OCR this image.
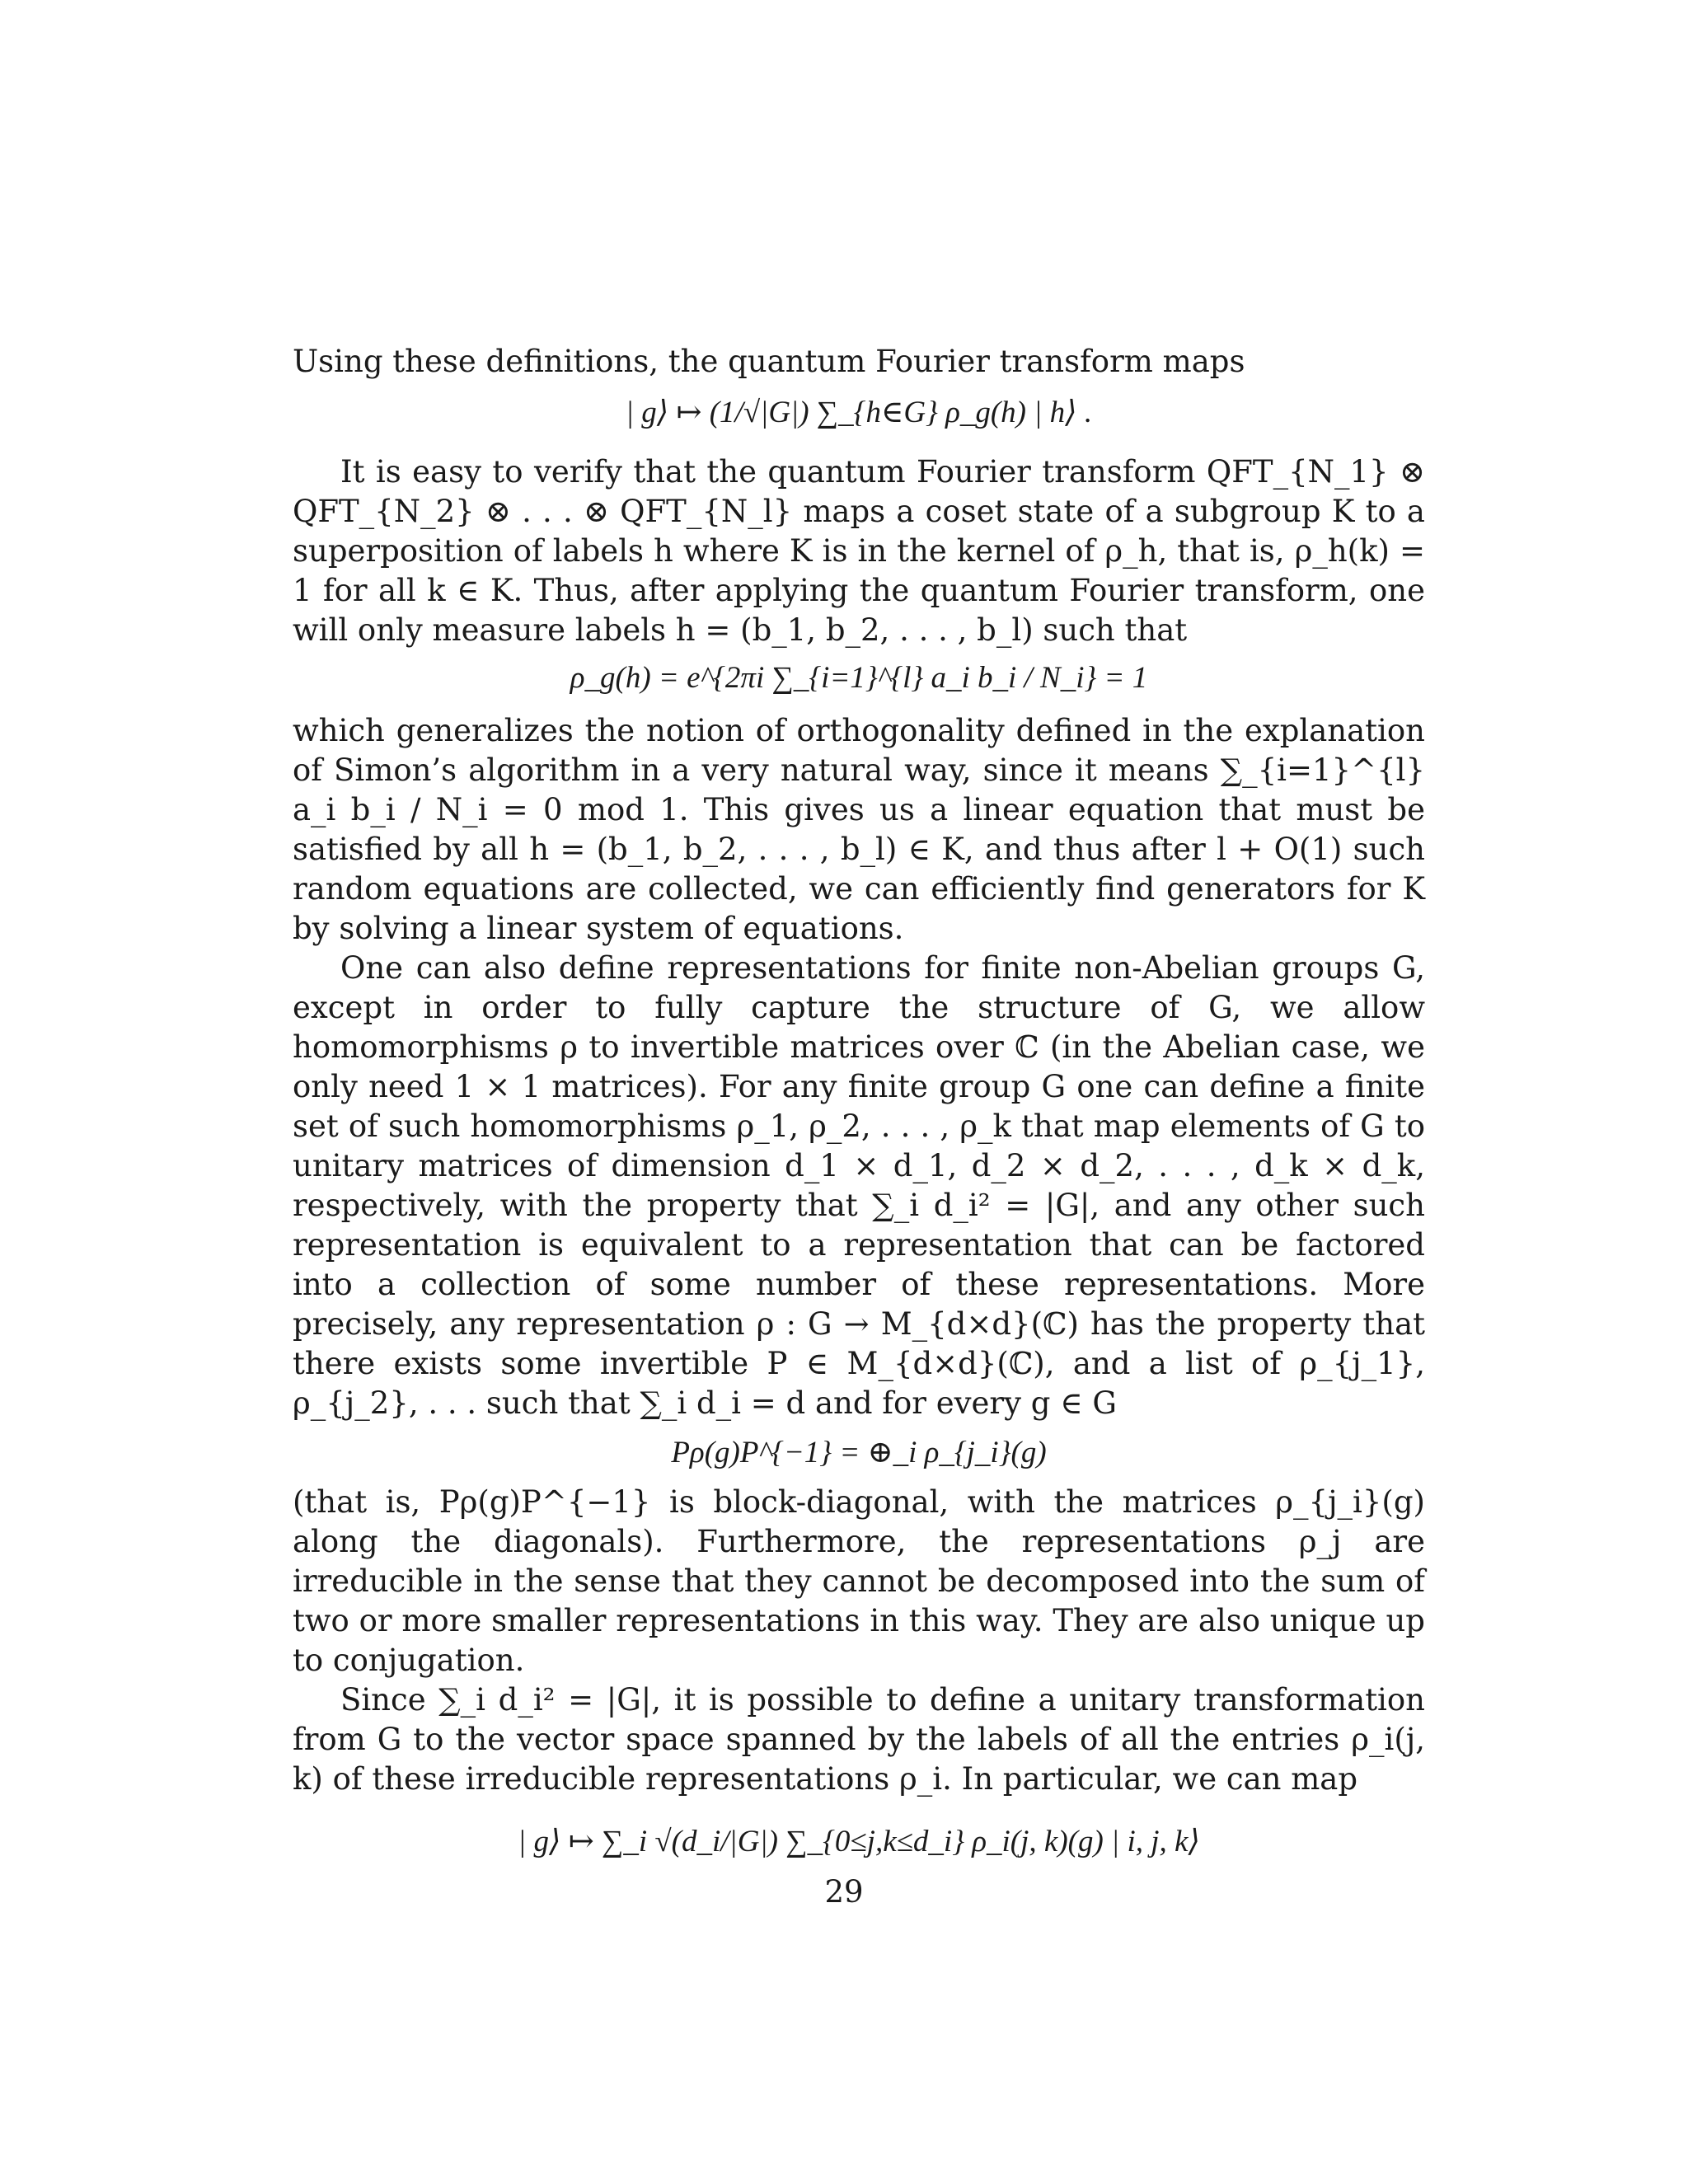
Using these definitions, the quantum Fourier transform maps

| g⟩ ↦ (1/√|G|) ∑_{h∈G} ρ_g(h) | h⟩ .

It is easy to verify that the quantum Fourier transform QFT_{N_1} ⊗ QFT_{N_2} ⊗ . . . ⊗ QFT_{N_l} maps a coset state of a subgroup K to a superposition of labels h where K is in the kernel of ρ_h, that is, ρ_h(k) = 1 for all k ∈ K. Thus, after applying the quantum Fourier transform, one will only measure labels h = (b_1, b_2, . . . , b_l) such that

ρ_g(h) = e^{2πi ∑_{i=1}^{l} a_i b_i / N_i} = 1

which generalizes the notion of orthogonality defined in the explanation of Simon’s algorithm in a very natural way, since it means ∑_{i=1}^{l} a_i b_i / N_i = 0 mod 1. This gives us a linear equation that must be satisfied by all h = (b_1, b_2, . . . , b_l) ∈ K, and thus after l + O(1) such random equations are collected, we can efficiently find generators for K by solving a linear system of equations.

One can also define representations for finite non-Abelian groups G, except in order to fully capture the structure of G, we allow homomorphisms ρ to invertible matrices over ℂ (in the Abelian case, we only need 1 × 1 matrices). For any finite group G one can define a finite set of such homomorphisms ρ_1, ρ_2, . . . , ρ_k that map elements of G to unitary matrices of dimension d_1 × d_1, d_2 × d_2, . . . , d_k × d_k, respectively, with the property that ∑_i d_i² = |G|, and any other such representation is equivalent to a representation that can be factored into a collection of some number of these representations. More precisely, any representation ρ : G → M_{d×d}(ℂ) has the property that there exists some invertible P ∈ M_{d×d}(ℂ), and a list of ρ_{j_1}, ρ_{j_2}, . . . such that ∑_i d_i = d and for every g ∈ G

Pρ(g)P^{−1} = ⊕_i ρ_{j_i}(g)

(that is, Pρ(g)P^{−1} is block-diagonal, with the matrices ρ_{j_i}(g) along the diagonals). Furthermore, the representations ρ_j are irreducible in the sense that they cannot be decomposed into the sum of two or more smaller representations in this way. They are also unique up to conjugation.

Since ∑_i d_i² = |G|, it is possible to define a unitary transformation from G to the vector space spanned by the labels of all the entries ρ_i(j, k) of these irreducible representations ρ_i. In particular, we can map

| g⟩ ↦ ∑_i √(d_i/|G|) ∑_{0≤j,k≤d_i} ρ_i(j, k)(g) | i, j, k⟩

29
